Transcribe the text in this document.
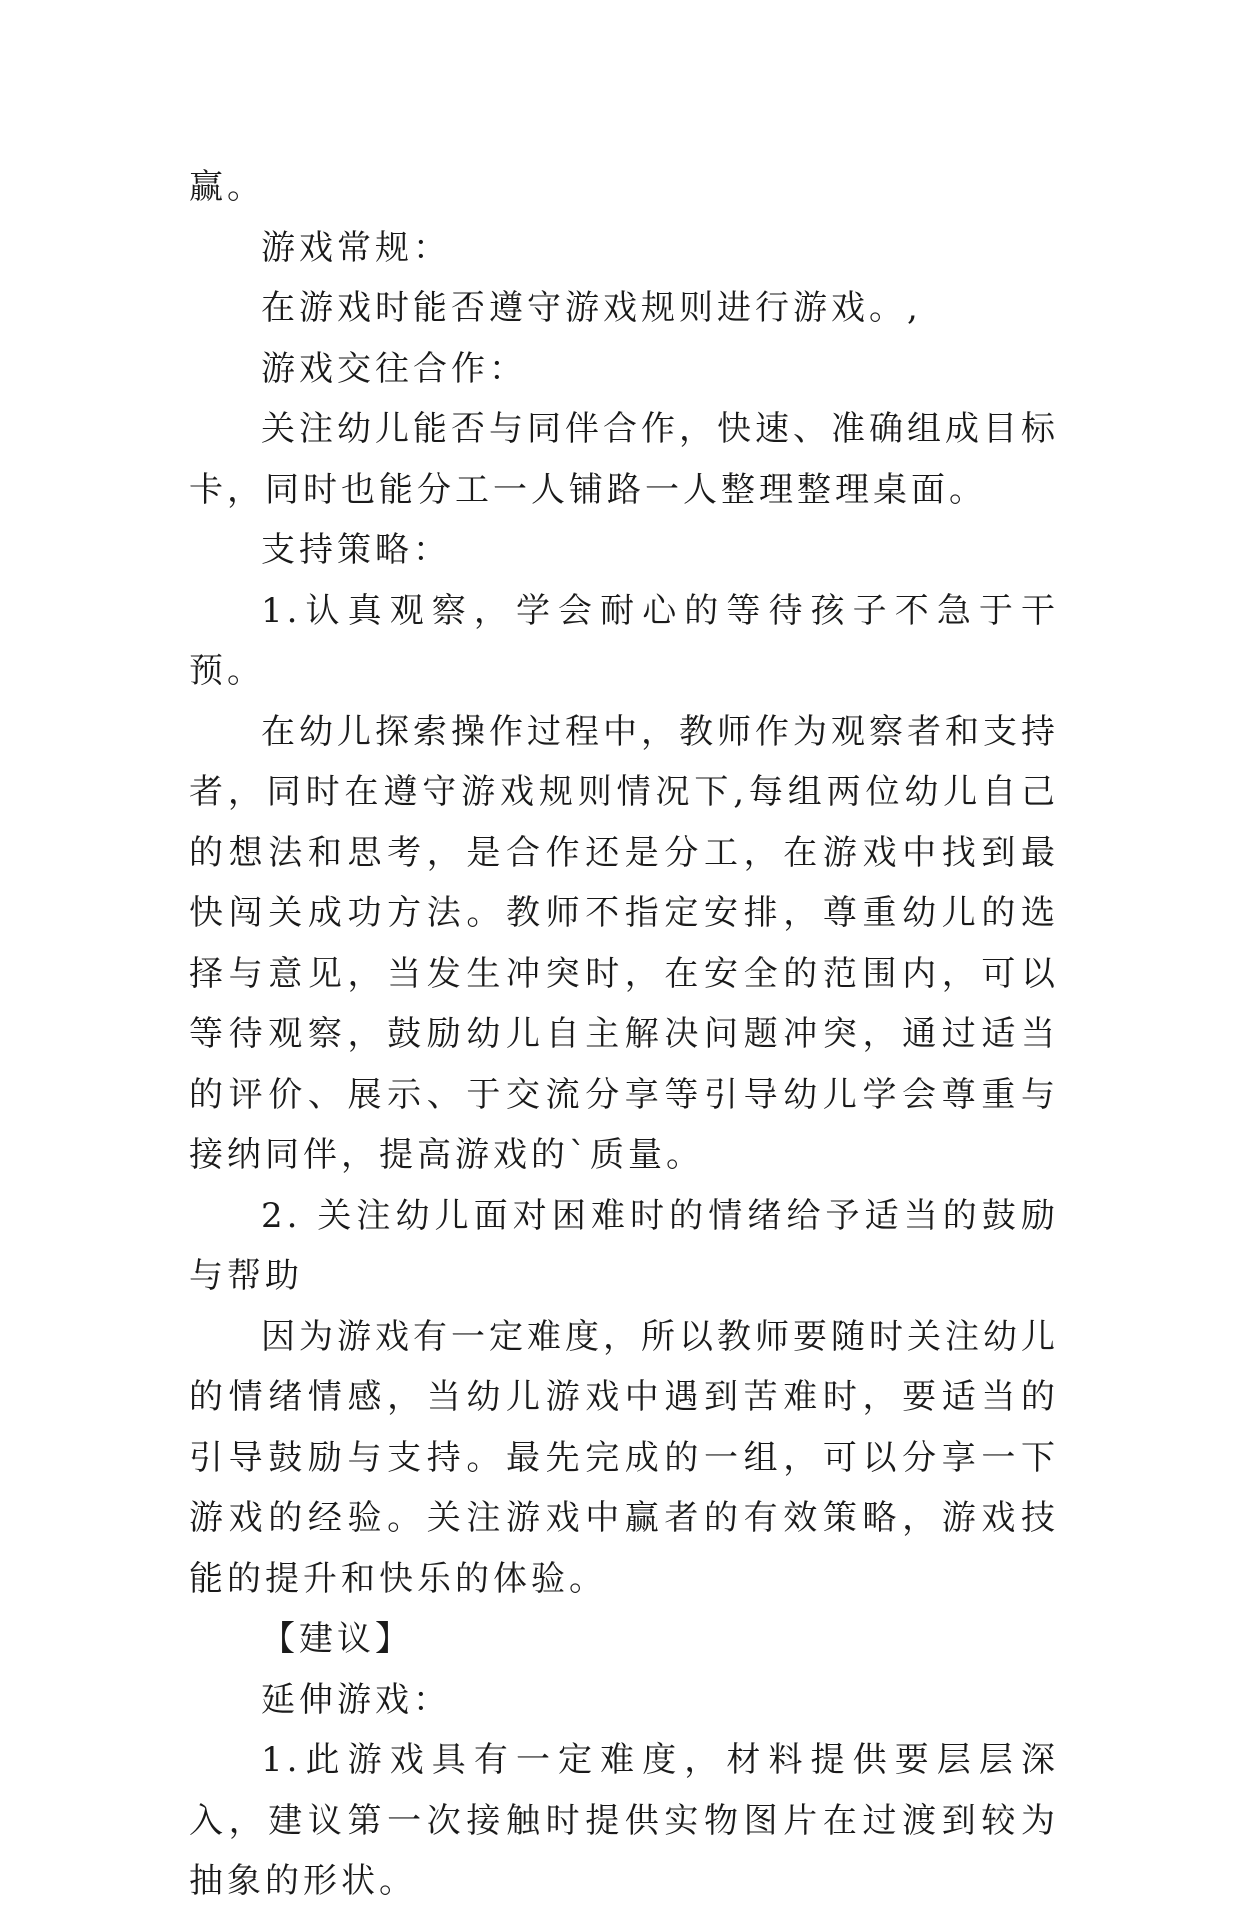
赢。

游戏常规：

在游戏时能否遵守游戏规则进行游戏。,

游戏交往合作：

关注幼儿能否与同伴合作，快速、准确组成目标卡，同时也能分工一人铺路一人整理整理桌面。

支持策略：

1.认真观察，学会耐心的等待孩子不急于干预。

在幼儿探索操作过程中，教师作为观察者和支持者，同时在遵守游戏规则情况下,每组两位幼儿自己的想法和思考，是合作还是分工，在游戏中找到最快闯关成功方法。教师不指定安排，尊重幼儿的选择与意见，当发生冲突时，在安全的范围内，可以等待观察，鼓励幼儿自主解决问题冲突，通过适当的评价、展示、于交流分享等引导幼儿学会尊重与接纳同伴，提高游戏的`质量。

2. 关注幼儿面对困难时的情绪给予适当的鼓励与帮助

因为游戏有一定难度，所以教师要随时关注幼儿的情绪情感，当幼儿游戏中遇到苦难时，要适当的引导鼓励与支持。最先完成的一组，可以分享一下游戏的经验。关注游戏中赢者的有效策略，游戏技能的提升和快乐的体验。

【建议】

延伸游戏：

1.此游戏具有一定难度，材料提供要层层深入，建议第一次接触时提供实物图片在过渡到较为抽象的形状。
